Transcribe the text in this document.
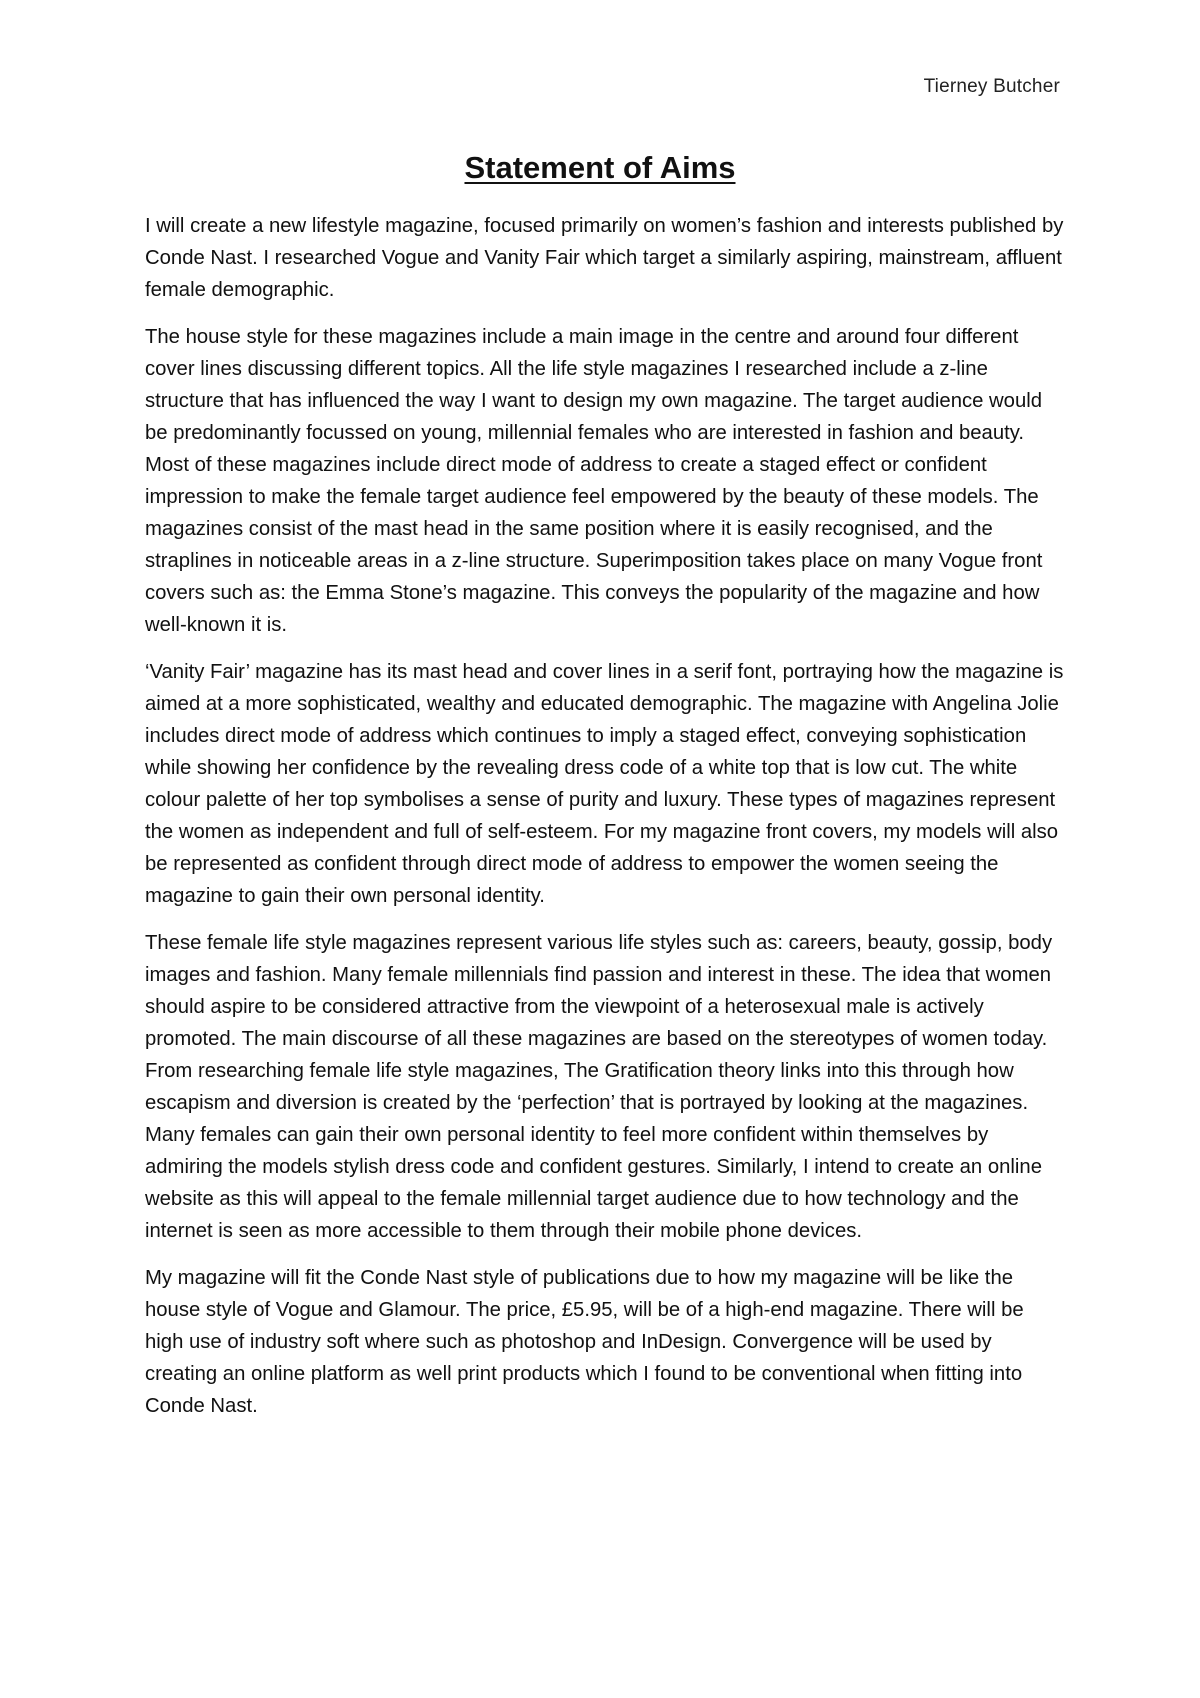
Tierney Butcher
Statement of Aims

I will create a new lifestyle magazine, focused primarily on women’s fashion and interests published by Conde Nast. I researched Vogue and Vanity Fair which target a similarly aspiring, mainstream, affluent female demographic.

The house style for these magazines include a main image in the centre and around four different cover lines discussing different topics. All the life style magazines I researched include a z-line structure that has influenced the way I want to design my own magazine. The target audience would be predominantly focussed on young, millennial females who are interested in fashion and beauty. Most of these magazines include direct mode of address to create a staged effect or confident impression to make the female target audience feel empowered by the beauty of these models. The magazines consist of the mast head in the same position where it is easily recognised, and the straplines in noticeable areas in a z-line structure. Superimposition takes place on many Vogue front covers such as: the Emma Stone’s magazine. This conveys the popularity of the magazine and how well-known it is.

‘Vanity Fair’ magazine has its mast head and cover lines in a serif font, portraying how the magazine is aimed at a more sophisticated, wealthy and educated demographic. The magazine with Angelina Jolie includes direct mode of address which continues to imply a staged effect, conveying sophistication while showing her confidence by the revealing dress code of a white top that is low cut. The white colour palette of her top symbolises a sense of purity and luxury. These types of magazines represent the women as independent and full of self-esteem. For my magazine front covers, my models will also be represented as confident through direct mode of address to empower the women seeing the magazine to gain their own personal identity.

These female life style magazines represent various life styles such as: careers, beauty, gossip, body images and fashion. Many female millennials find passion and interest in these. The idea that women should aspire to be considered attractive from the viewpoint of a heterosexual male is actively promoted. The main discourse of all these magazines are based on the stereotypes of women today. From researching female life style magazines, The Gratification theory links into this through how escapism and diversion is created by the ‘perfection’ that is portrayed by looking at the magazines. Many females can gain their own personal identity to feel more confident within themselves by admiring the models stylish dress code and confident gestures. Similarly, I intend to create an online website as this will appeal to the female millennial target audience due to how technology and the internet is seen as more accessible to them through their mobile phone devices.

My magazine will fit the Conde Nast style of publications due to how my magazine will be like the house style of Vogue and Glamour. The price, £5.95, will be of a high-end magazine. There will be high use of industry soft where such as photoshop and InDesign. Convergence will be used by creating an online platform as well print products which I found to be conventional when fitting into Conde Nast.
